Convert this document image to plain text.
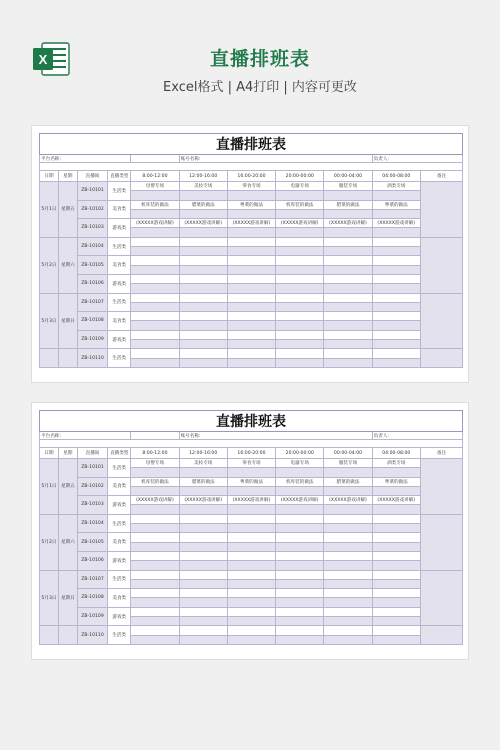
X	直播排班表
Excel格式 | A4打印 | 内容可更改
直播排班表										
平台名称:					账号名称:				负责人:	

日期	星期	直播间	直播类型	8:00-12:00	12:00-16:00	16:00-20:00	20:00-00:00	00:00-04:00	04:00-08:00	备注
5月1日	星期五	ZB-10101	生活类	母婴专场	美妆专场	零食专场	电器专场	服装专场	酒类专场	

		ZB-10102	美食类	机库装的做法	腊菜的做法	粤菜的做法	机库装的做法	腊菜的做法	粤菜的做法	

		ZB-10103	游戏类	(XXXXX游戏讲解)	(XXXXX游戏讲解)	(XXXXX游戏讲解)	(XXXXX游戏讲解)	(XXXXX游戏讲解)	(XXXXX游戏讲解)	

5月2日	星期六	ZB-10104	生活类							

		ZB-10105	美食类							

		ZB-10106	游戏类							

5月3日	星期日	ZB-10107	生活类							

		ZB-10108	美食类							

		ZB-10109	游戏类							

		ZB-10110	生活类							

直播排班表										
平台名称:					账号名称:				负责人:	

日期	星期	直播间	直播类型	8:00-12:00	12:00-16:00	16:00-20:00	20:00-00:00	00:00-04:00	04:00-08:00	备注
5月1日	星期五	ZB-10101	生活类	母婴专场	美妆专场	零食专场	电器专场	服装专场	酒类专场	

		ZB-10102	美食类	机库装的做法	腊菜的做法	粤菜的做法	机库装的做法	腊菜的做法	粤菜的做法	

		ZB-10103	游戏类	(XXXXX游戏讲解)	(XXXXX游戏讲解)	(XXXXX游戏讲解)	(XXXXX游戏讲解)	(XXXXX游戏讲解)	(XXXXX游戏讲解)	

5月2日	星期六	ZB-10104	生活类							

		ZB-10105	美食类							

		ZB-10106	游戏类							

5月3日	星期日	ZB-10107	生活类							

		ZB-10108	美食类							

		ZB-10109	游戏类							

		ZB-10110	生活类							
